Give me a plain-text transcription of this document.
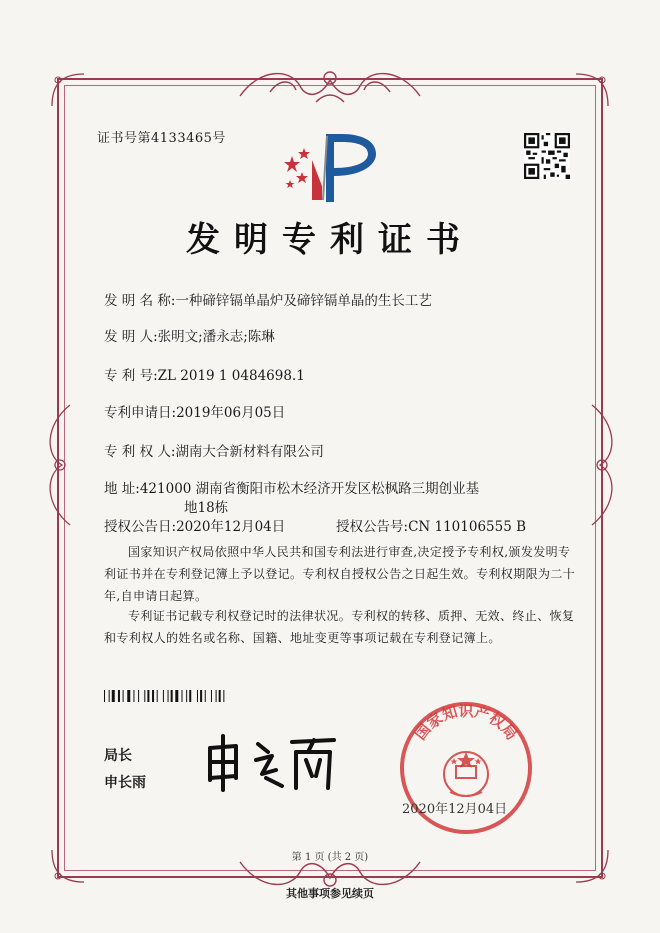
证书号第4133465号
发明专利证书
发 明 名 称:一种碲锌镉单晶炉及碲锌镉单晶的生长工艺
发 明 人:张明文;潘永志;陈琳
专 利 号:ZL 2019 1 0484698.1
专利申请日:2019年06月05日
专 利 权 人:湖南大合新材料有限公司
地 址:421000 湖南省衡阳市松木经济开发区松枫路三期创业基
地18栋
授权公告日:2020年12月04日	授权公告号:CN 110106555 B
国家知识产权局依照中华人民共和国专利法进行审查,决定授予专利权,颁发发明专利证书并在专利登记簿上予以登记。专利权自授权公告之日起生效。专利权期限为二十年,自申请日起算。
专利证书记载专利权登记时的法律状况。专利权的转移、质押、无效、终止、恢复和专利权人的姓名或名称、国籍、地址变更等事项记载在专利登记簿上。
局长
申长雨
国家知识产权局
2020年12月04日
第 1 页 (共 2 页)
其他事项参见续页
